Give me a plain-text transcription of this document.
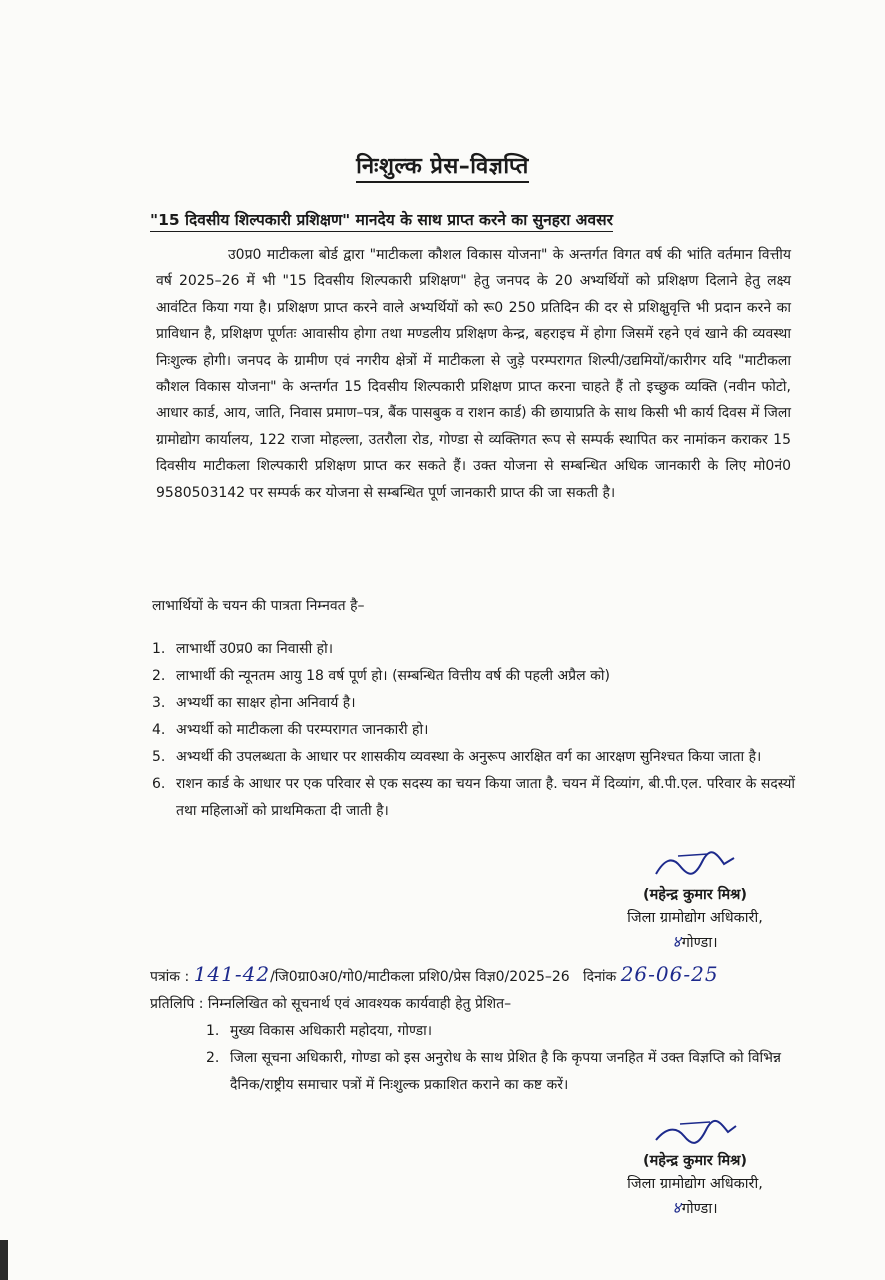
निःशुल्क प्रेस–विज्ञप्ति
"15 दिवसीय शिल्पकारी प्रशिक्षण" मानदेय के साथ प्राप्त करने का सुनहरा अवसर

उ0प्र0 माटीकला बोर्ड द्वारा "माटीकला कौशल विकास योजना" के अन्तर्गत विगत वर्ष की भांति वर्तमान वित्तीय वर्ष 2025–26 में भी "15 दिवसीय शिल्पकारी प्रशिक्षण" हेतु जनपद के 20 अभ्यर्थियों को प्रशिक्षण दिलाने हेतु लक्ष्य आवंटित किया गया है। प्रशिक्षण प्राप्त करने वाले अभ्यर्थियों को रू0 250 प्रतिदिन की दर से प्रशिक्षुवृत्ति भी प्रदान करने का प्राविधान है, प्रशिक्षण पूर्णतः आवासीय होगा तथा मण्डलीय प्रशिक्षण केन्द्र, बहराइच में होगा जिसमें रहने एवं खाने की व्यवस्था निःशुल्क होगी। जनपद के ग्रामीण एवं नगरीय क्षेत्रों में माटीकला से जुड़े परम्परागत शिल्पी/उद्यमियों/कारीगर यदि "माटीकला कौशल विकास योजना" के अन्तर्गत 15 दिवसीय शिल्पकारी प्रशिक्षण प्राप्त करना चाहते हैं तो इच्छुक व्यक्ति (नवीन फोटो, आधार कार्ड, आय, जाति, निवास प्रमाण–पत्र, बैंक पासबुक व राशन कार्ड) की छायाप्रति के साथ किसी भी कार्य दिवस में जिला ग्रामोद्योग कार्यालय, 122 राजा मोहल्ला, उतरौला रोड, गोण्डा से व्यक्तिगत रूप से सम्पर्क स्थापित कर नामांकन कराकर 15 दिवसीय माटीकला शिल्पकारी प्रशिक्षण प्राप्त कर सकते हैं। उक्त योजना से सम्बन्धित अधिक जानकारी के लिए मो0नं0 9580503142 पर सम्पर्क कर योजना से सम्बन्धित पूर्ण जानकारी प्राप्त की जा सकती है।

लाभार्थियों के चयन की पात्रता निम्नवत है–

1. लाभार्थी उ0प्र0 का निवासी हो।
2. लाभार्थी की न्यूनतम आयु 18 वर्ष पूर्ण हो। (सम्बन्धित वित्तीय वर्ष की पहली अप्रैल को)
3. अभ्यर्थी का साक्षर होना अनिवार्य है।
4. अभ्यर्थी को माटीकला की परम्परागत जानकारी हो।
5. अभ्यर्थी की उपलब्धता के आधार पर शासकीय व्यवस्था के अनुरूप आरक्षित वर्ग का आरक्षण सुनिश्चत किया जाता है।
6. राशन कार्ड के आधार पर एक परिवार से एक सदस्य का चयन किया जाता है. चयन में दिव्यांग, बी.पी.एल. परिवार के सदस्यों तथा महिलाओं को प्राथमिकता दी जाती है।
(महेन्द्र कुमार मिश्र)
जिला ग्रामोद्योग अधिकारी,
४गोण्डा।
पत्रांक : 141-42/जि0ग्रा0अ0/गो0/माटीकला प्रशि0/प्रेस विज्ञ0/2025–26 दिनांक 26-06-25
प्रतिलिपि : निम्नलिखित को सूचनार्थ एवं आवश्यक कार्यवाही हेतु प्रेशित–
1. मुख्य विकास अधिकारी महोदया, गोण्डा।
2. जिला सूचना अधिकारी, गोण्डा को इस अनुरोध के साथ प्रेशित है कि कृपया जनहित में उक्त विज्ञप्ति को विभिन्न दैनिक/राष्ट्रीय समाचार पत्रों में निःशुल्क प्रकाशित कराने का कष्ट करें।
(महेन्द्र कुमार मिश्र)
जिला ग्रामोद्योग अधिकारी,
४गोण्डा।
